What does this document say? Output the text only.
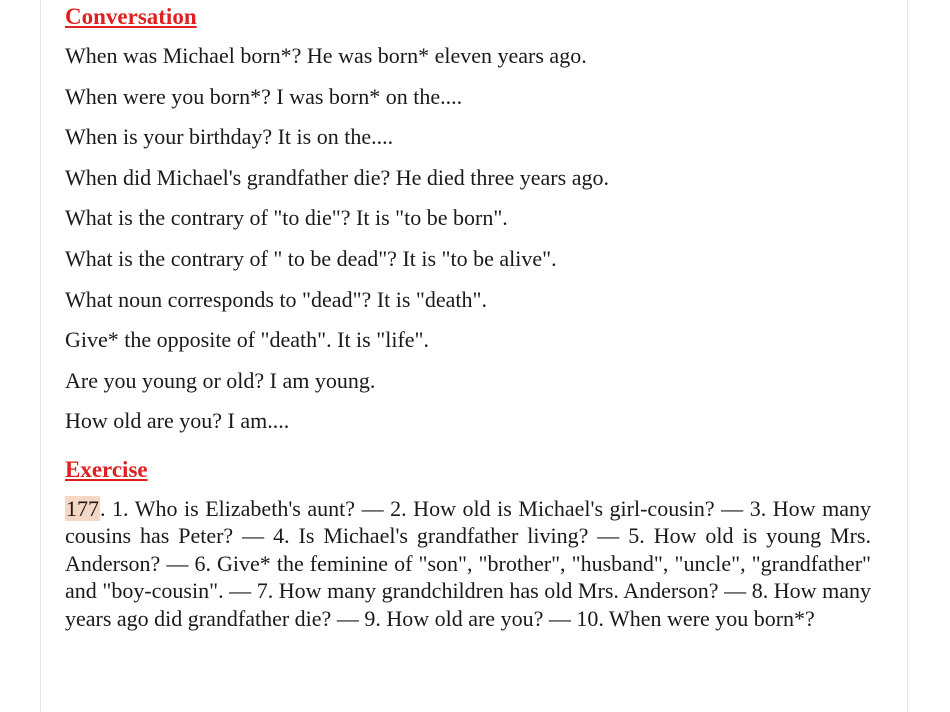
Conversation
When was Michael born*? He was born* eleven years ago.
When were you born*? I was born* on the....
When is your birthday? It is on the....
When did Michael's grandfather die? He died three years ago.
What is the contrary of "to die"? It is "to be born".
What is the contrary of " to be dead"? It is "to be alive".
What noun corresponds to "dead"? It is "death".
Give* the opposite of "death". It is "life".
Are you young or old? I am young.
How old are you? I am....
Exercise

177. 1. Who is Elizabeth's aunt? — 2. How old is Michael's girl-cousin? — 3. How many cousins has Peter? — 4. Is Michael's grandfather living? — 5. How old is young Mrs. Anderson? — 6. Give* the feminine of "son", "brother", "husband", "uncle", "grandfather" and "boy-cousin". — 7. How many grandchildren has old Mrs. Anderson? — 8. How many years ago did grandfather die? — 9. How old are you? — 10. When were you born*?
